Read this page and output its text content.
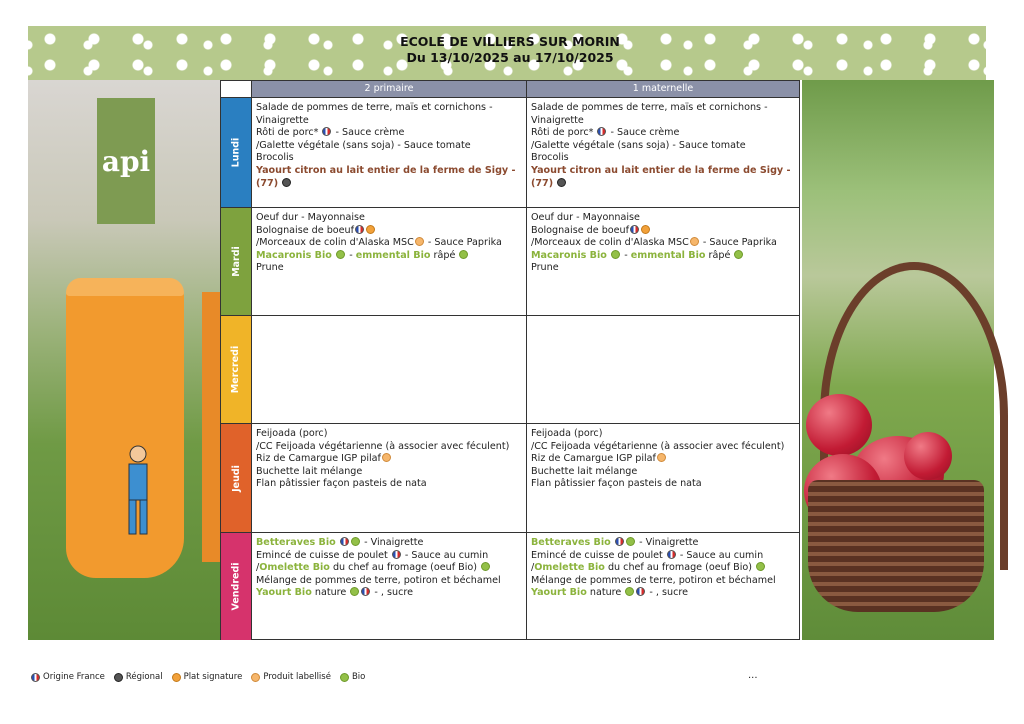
ECOLE DE VILLIERS SUR MORIN
Du 13/10/2025 au 17/10/2025
api
2 primaire	1 maternelle
Lundi
Salade de pommes de terre, maïs et cornichons - Vinaigrette
Rôti de porc*  - Sauce crème
/Galette végétale (sans soja) - Sauce tomate
Brocolis
Yaourt citron au lait entier de la ferme de Sigy - (77)
Salade de pommes de terre, maïs et cornichons - Vinaigrette
Rôti de porc*  - Sauce crème
/Galette végétale (sans soja) - Sauce tomate
Brocolis
Yaourt citron au lait entier de la ferme de Sigy - (77)
Mardi
Oeuf dur - Mayonnaise
Bolognaise de boeuf
/Morceaux de colin d'Alaska MSC - Sauce Paprika
Macaronis Bio  - emmental Bio râpé
Prune
Oeuf dur - Mayonnaise
Bolognaise de boeuf
/Morceaux de colin d'Alaska MSC - Sauce Paprika
Macaronis Bio  - emmental Bio râpé
Prune
Mercredi
Jeudi
Feijoada (porc)
/CC Feijoada végétarienne (à associer avec féculent)
Riz de Camargue IGP pilaf
Buchette lait mélange
Flan pâtissier façon pasteis de nata
Feijoada (porc)
/CC Feijoada végétarienne (à associer avec féculent)
Riz de Camargue IGP pilaf
Buchette lait mélange
Flan pâtissier façon pasteis de nata
Vendredi
Betteraves Bio  - Vinaigrette
Emincé de cuisse de poulet  - Sauce au cumin
/Omelette Bio du chef au fromage (oeuf Bio)
Mélange de pommes de terre, potiron et béchamel
Yaourt Bio nature  - , sucre
Betteraves Bio  - Vinaigrette
Emincé de cuisse de poulet  - Sauce au cumin
/Omelette Bio du chef au fromage (oeuf Bio)
Mélange de pommes de terre, potiron et béchamel
Yaourt Bio nature  - , sucre
Origine France Régional Plat signature Produit labellisé Bio	...
